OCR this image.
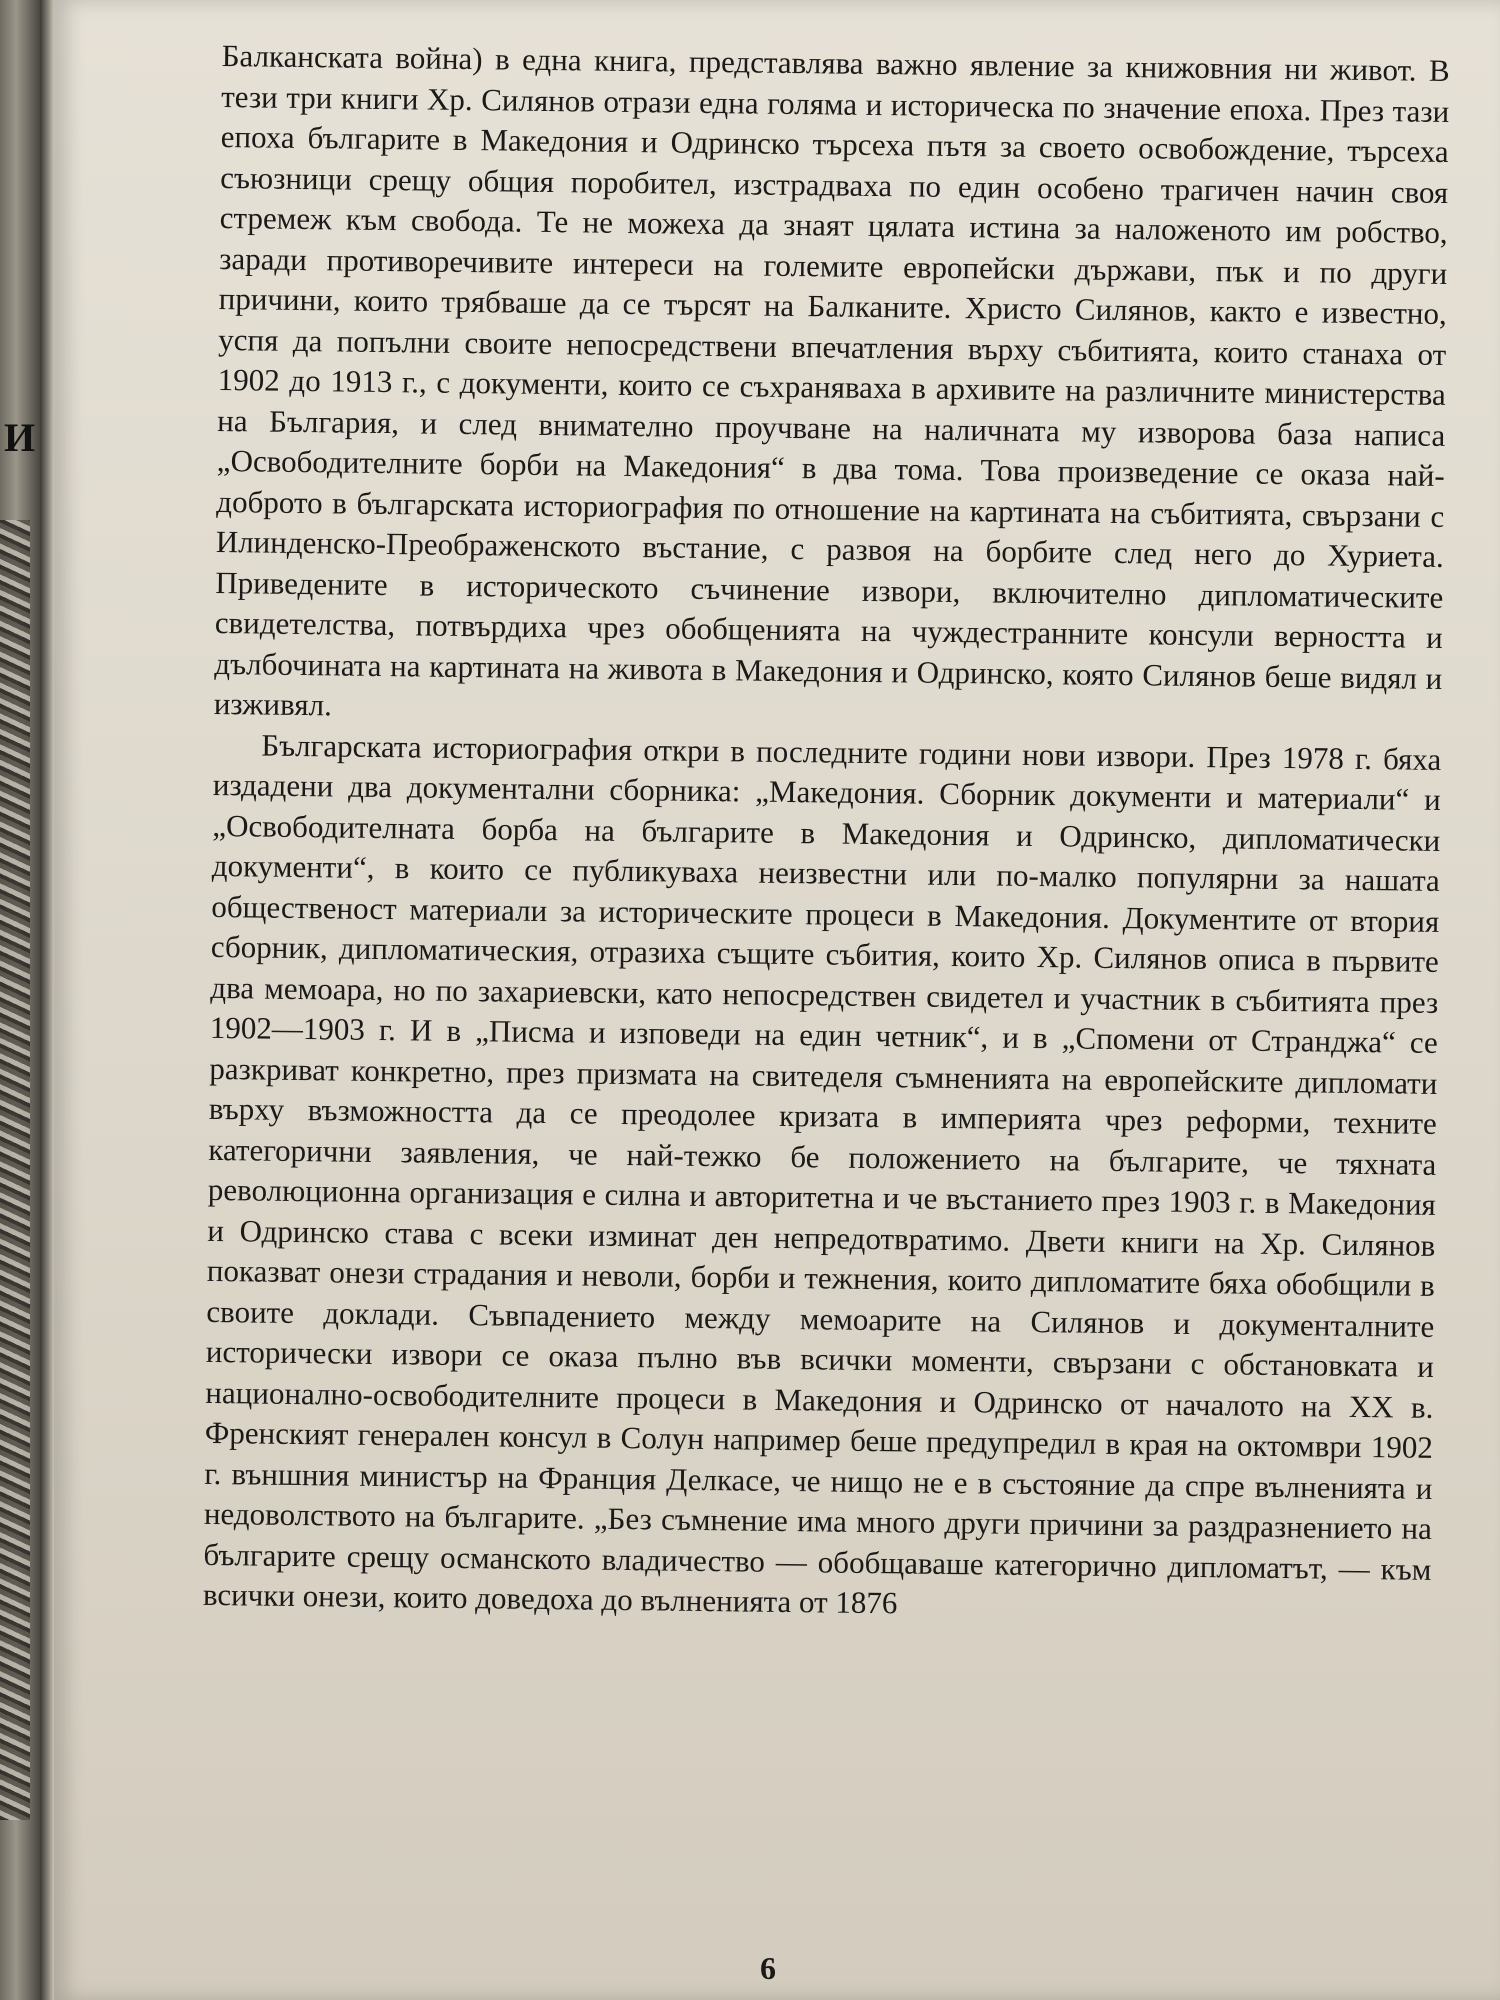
И

Балканската война) в една книга, представлява важно явление за книжовния ни живот. В тези три книги Хр. Силянов отрази една голяма и историческа по значение епоха. През тази епоха българите в Македония и Одринско търсеха пътя за своето освобождение, търсеха съюзници срещу общия поробител, изстрадваха по един особено трагичен начин своя стремеж към свобода. Те не можеха да знаят цялата истина за наложеното им робство, заради противоречивите интереси на големите европейски държави, пък и по други причини, които трябваше да се търсят на Балканите. Христо Силянов, както е известно, успя да попълни своите непосредствени впечатления върху събитията, които станаха от 1902 до 1913 г., с документи, които се съхраняваха в архивите на различните министерства на България, и след внимателно проучване на наличната му изворова база написа „Освободителните борби на Македония“ в два тома. Това произведение се оказа най-доброто в българската историография по отношение на картината на събитията, свързани с Илинденско-Преображенското въстание, с развоя на борбите след него до Хуриета. Приведените в историческото съчинение извори, включително дипломатическите свидетелства, потвърдиха чрез обобщенията на чуждестранните консули верността и дълбочината на картината на живота в Македония и Одринско, която Силянов беше видял и изживял.

Българската историография откри в последните години нови извори. През 1978 г. бяха издадени два документални сборника: „Македония. Сборник документи и материали“ и „Освободителната борба на българите в Македония и Одринско, дипломатически документи“, в които се публикуваха неизвестни или по-малко популярни за нашата общественост материали за историческите процеси в Македония. Документите от втория сборник, дипломатическия, отразиха същите събития, които Хр. Силянов описа в първите два мемоара, но по захариевски, като непосредствен свидетел и участник в събитията през 1902—1903 г. И в „Писма и изповеди на един четник“, и в „Спомени от Странджа“ се разкриват конкретно, през призмата на свитеделя съмненията на европейските дипломати върху възможността да се преодолее кризата в империята чрез реформи, техните категорични заявления, че най-тежко бе положението на българите, че тяхната революционна организация е силна и авторитетна и че въстанието през 1903 г. в Македония и Одринско става с всеки изминат ден непредотвратимо. Двети книги на Хр. Силянов показват онези страдания и неволи, борби и тежнения, които дипломатите бяха обобщили в своите доклади. Съвпадението между мемоарите на Силянов и документалните исторически извори се оказа пълно във всички моменти, свързани с обстановката и национално-освободителните процеси в Македония и Одринско от началото на XX в. Френският генерален консул в Солун например беше предупредил в края на октомври 1902 г. външния министър на Франция Делкасе, че нищо не е в състояние да спре вълненията и недоволството на българите. „Без съмнение има много други причини за раздразнението на българите срещу османското владичество — обобщаваше категорично дипломатът, — към всички онези, които доведоха до вълненията от 1876

6
